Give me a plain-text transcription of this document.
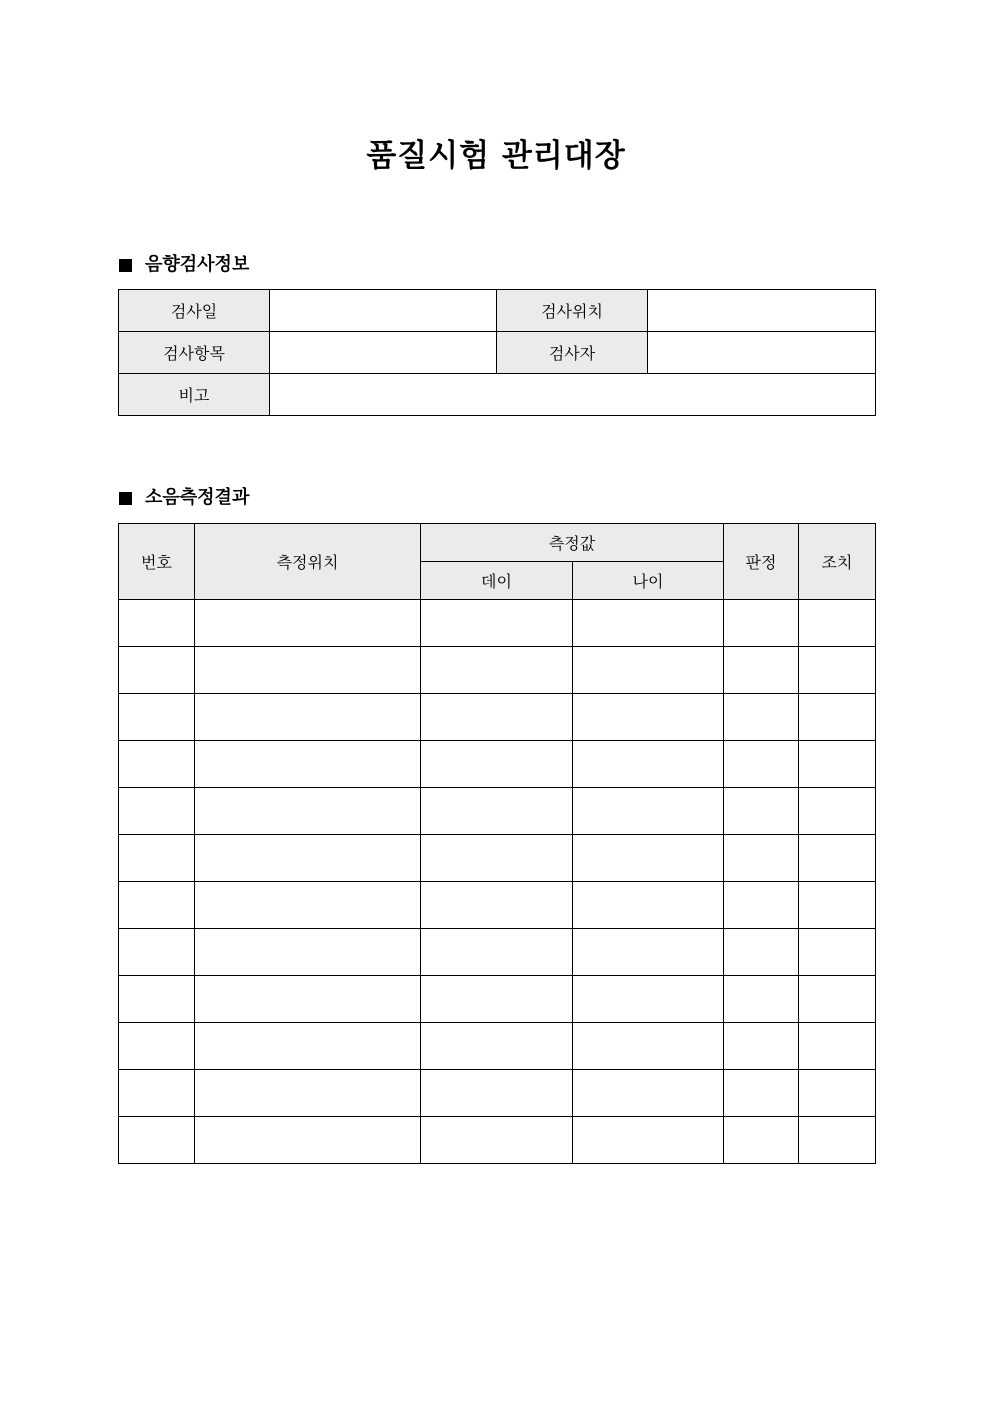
품질시험 관리대장
음향검사정보
검사일		검사위치	
검사항목		검사자	
비고			
소음측정결과
번호	측정위치	측정값		판정	조치
		데이	나이		
